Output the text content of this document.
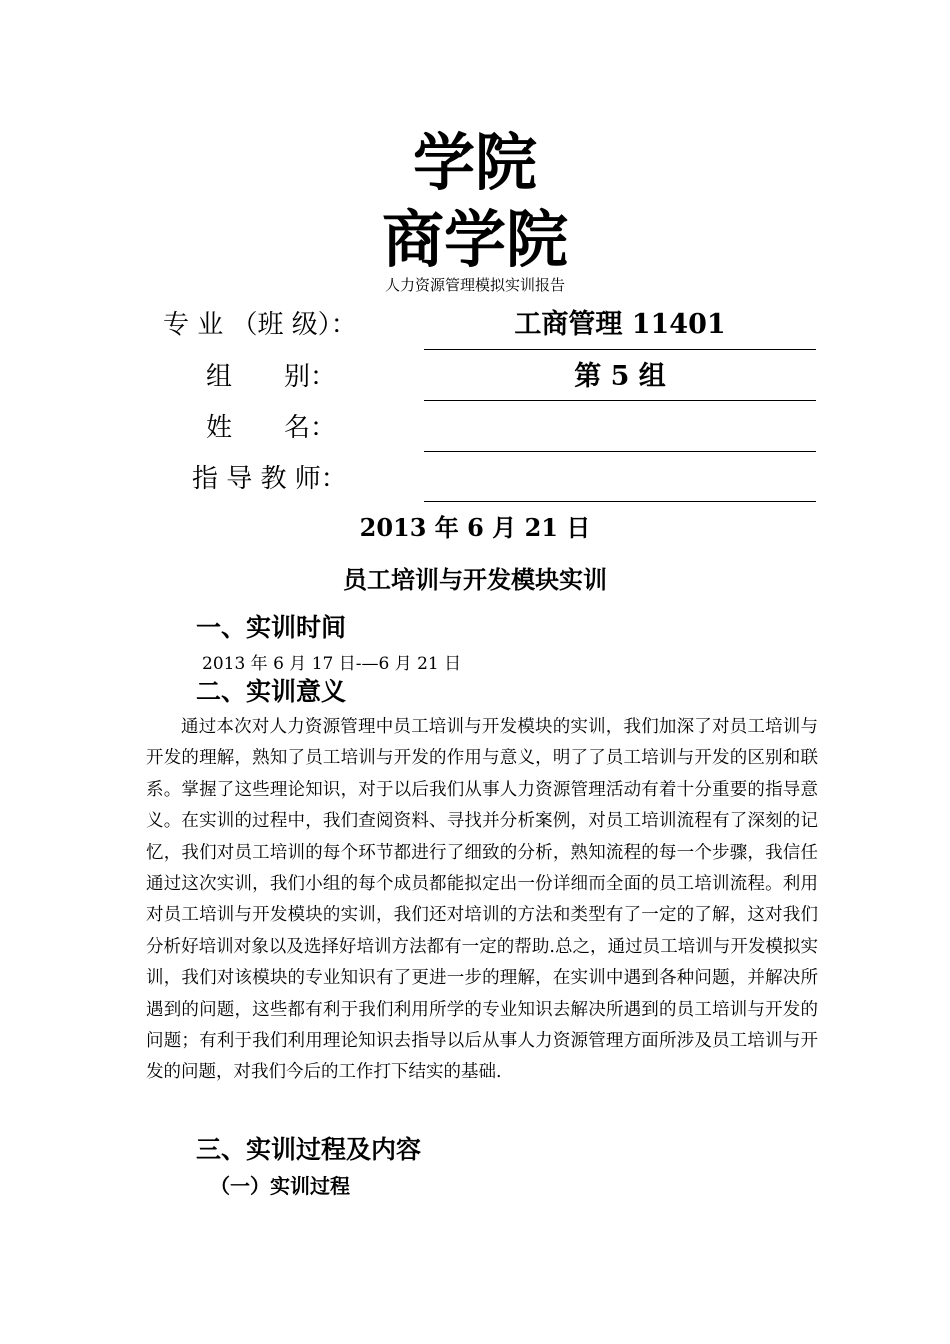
学院
商学院
人力资源管理模拟实训报告
专 业 （班 级）：	工商管理 11401
组　　别：	第 5 组
姓　　名：
指 导 教 师：
2013 年 6 月 21 日
员工培训与开发模块实训
一、实训时间
2013 年 6 月 17 日-—6 月 21 日
二、实训意义
通过本次对人力资源管理中员工培训与开发模块的实训，我们加深了对员工培训与开发的理解，熟知了员工培训与开发的作用与意义，明了了员工培训与开发的区别和联系。掌握了这些理论知识，对于以后我们从事人力资源管理活动有着十分重要的指导意义。在实训的过程中，我们查阅资料、寻找并分析案例，对员工培训流程有了深刻的记忆，我们对员工培训的每个环节都进行了细致的分析，熟知流程的每一个步骤，我信任通过这次实训，我们小组的每个成员都能拟定出一份详细而全面的员工培训流程。利用对员工培训与开发模块的实训，我们还对培训的方法和类型有了一定的了解，这对我们分析好培训对象以及选择好培训方法都有一定的帮助.总之，通过员工培训与开发模拟实训，我们对该模块的专业知识有了更进一步的理解，在实训中遇到各种问题，并解决所遇到的问题，这些都有利于我们利用所学的专业知识去解决所遇到的员工培训与开发的问题；有利于我们利用理论知识去指导以后从事人力资源管理方面所涉及员工培训与开发的问题，对我们今后的工作打下结实的基础.
三、实训过程及内容
（一）实训过程
